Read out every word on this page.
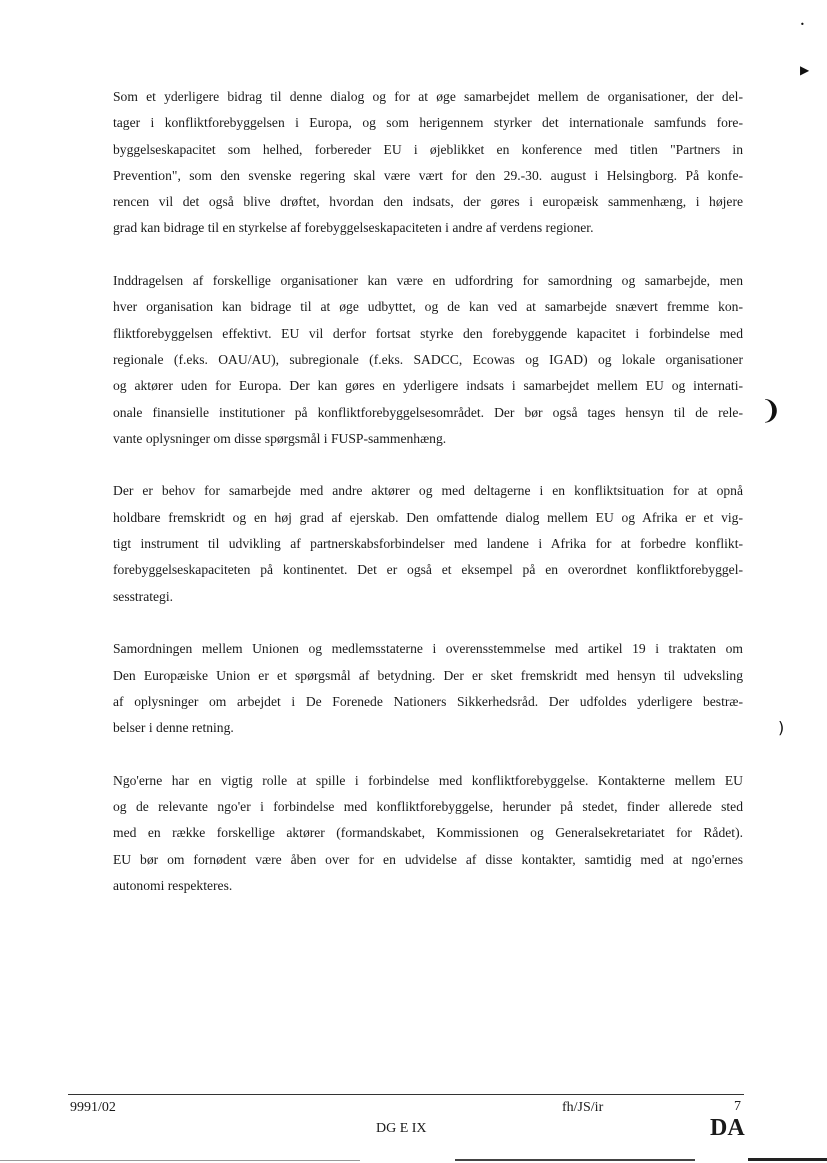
•
▶
❩
)

Som et yderligere bidrag til denne dialog og for at øge samarbejdet mellem de organisationer, der del-
tager i konfliktforebyggelsen i Europa, og som herigennem styrker det internationale samfunds fore-
byggelseskapacitet som helhed, forbereder EU i øjeblikket en konference med titlen "Partners in
Prevention", som den svenske regering skal være vært for den 29.-30. august i Helsingborg. På konfe-
rencen vil det også blive drøftet, hvordan den indsats, der gøres i europæisk sammenhæng, i højere
grad kan bidrage til en styrkelse af forebyggelseskapaciteten i andre af verdens regioner.

Inddragelsen af forskellige organisationer kan være en udfordring for samordning og samarbejde, men
hver organisation kan bidrage til at øge udbyttet, og de kan ved at samarbejde snævert fremme kon-
fliktforebyggelsen effektivt. EU vil derfor fortsat styrke den forebyggende kapacitet i forbindelse med
regionale (f.eks. OAU/AU), subregionale (f.eks. SADCC, Ecowas og IGAD) og lokale organisationer
og aktører uden for Europa. Der kan gøres en yderligere indsats i samarbejdet mellem EU og internati-
onale finansielle institutioner på konfliktforebyggelsesområdet. Der bør også tages hensyn til de rele-
vante oplysninger om disse spørgsmål i FUSP-sammenhæng.

Der er behov for samarbejde med andre aktører og med deltagerne i en konfliktsituation for at opnå
holdbare fremskridt og en høj grad af ejerskab. Den omfattende dialog mellem EU og Afrika er et vig-
tigt instrument til udvikling af partnerskabsforbindelser med landene i Afrika for at forbedre konflikt-
forebyggelseskapaciteten på kontinentet. Det er også et eksempel på en overordnet konfliktforebyggel-
sesstrategi.

Samordningen mellem Unionen og medlemsstaterne i overensstemmelse med artikel 19 i traktaten om
Den Europæiske Union er et spørgsmål af betydning. Der er sket fremskridt med hensyn til udveksling
af oplysninger om arbejdet i De Forenede Nationers Sikkerhedsråd. Der udfoldes yderligere bestræ-
belser i denne retning.

Ngo'erne har en vigtig rolle at spille i forbindelse med konfliktforebyggelse. Kontakterne mellem EU
og de relevante ngo'er i forbindelse med konfliktforebyggelse, herunder på stedet, finder allerede sted
med en række forskellige aktører (formandskabet, Kommissionen og Generalsekretariatet for Rådet).
EU bør om fornødent være åben over for en udvidelse af disse kontakter, samtidig med at ngo'ernes
autonomi respekteres.

9991/02	fh/JS/ir	7
DG E IX	DA
